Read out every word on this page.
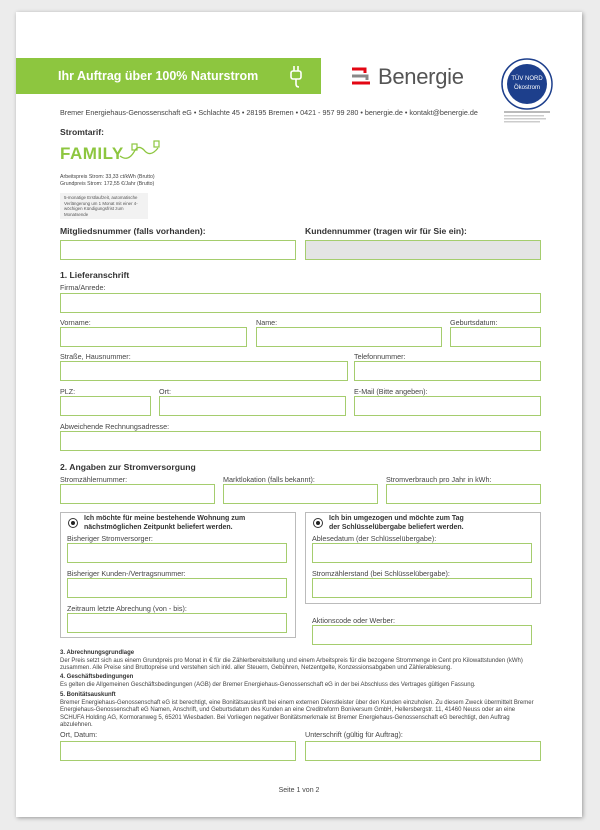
Ihr Auftrag über 100% Naturstrom	Benergie	TÜV NORD
Ökostrom
Bremer Energiehaus-Genossenschaft eG • Schlachte 45 • 28195 Bremen • 0421 - 957 99 280 • benergie.de • kontakt@benergie.de
Stromtarif:
FAMILY
Arbeitspreis Strom: 33,33 ct/kWh (Brutto)
Grundpreis Strom: 172,55 €/Jahr (Brutto)
5-monatige Erstlaufzeit, automatische Verlängerung um 1 Monat mit einer 4-wöchigen Kündigungsfrist zum Monatsende
Mitgliedsnummer (falls vorhanden):	Kundennummer (tragen wir für Sie ein):
1. Lieferanschrift
Firma/Anrede:
Vorname:	Name:	Geburtsdatum:
Straße, Hausnummer:	Telefonnummer:
PLZ:	Ort:	E-Mail (Bitte angeben):
Abweichende Rechnungsadresse:
2. Angaben zur Stromversorgung
Stromzählernummer:	Marktlokation (falls bekannt):	Stromverbrauch pro Jahr in kWh:
Ich möchte für meine bestehende Wohnung zum
nächstmöglichen Zeitpunkt beliefert werden.
Bisheriger Stromversorger:
Bisheriger Kunden-/Vertragsnummer:
Zeitraum letzte Abrechung (von - bis):
Ich bin umgezogen und möchte zum Tag
der Schlüsselübergabe beliefert werden.
Ablesedatum (der Schlüsselübergabe):
Stromzählerstand (bei Schlüsselübergabe):
Aktionscode oder Werber:
3. Abrechnungsgrundlage
Der Preis setzt sich aus einem Grundpreis pro Monat in € für die Zählerbereitstellung und einem Arbeitspreis für die bezogene Strommenge in Cent pro Kilowattstunden (kWh) zusammen. Alle Preise sind Bruttopreise und verstehen sich inkl. aller Steuern, Gebühren, Netzentgelte, Konzessionsabgaben und Zählerablesung.
4. Geschäftsbedingungen
Es gelten die Allgemeinen Geschäftsbedingungen (AGB) der Bremer Energiehaus-Genossenschaft eG in der bei Abschluss des Vertrages gültigen Fassung.
5. Bonitätsauskunft
Bremer Energiehaus-Genossenschaft eG ist berechtigt, eine Bonitätsauskunft bei einem externen Dienstleister über den Kunden einzuholen. Zu diesem Zweck übermittelt Bremer Energiehaus-Genossenschaft eG Namen, Anschrift, und Geburtsdatum des Kunden an eine Creditreform Boniversum GmbH, Hellersbergstr. 11, 41460 Neuss oder an eine SCHUFA Holding AG, Kormoranweg 5, 65201 Wiesbaden. Bei Vorliegen negativer Bonitätsmerkmale ist Bremer Energiehaus-Genossenschaft eG berechtigt, den Auftrag abzulehnen.
Ort, Datum:	Unterschrift (gültig für Auftrag):
Seite 1 von 2
